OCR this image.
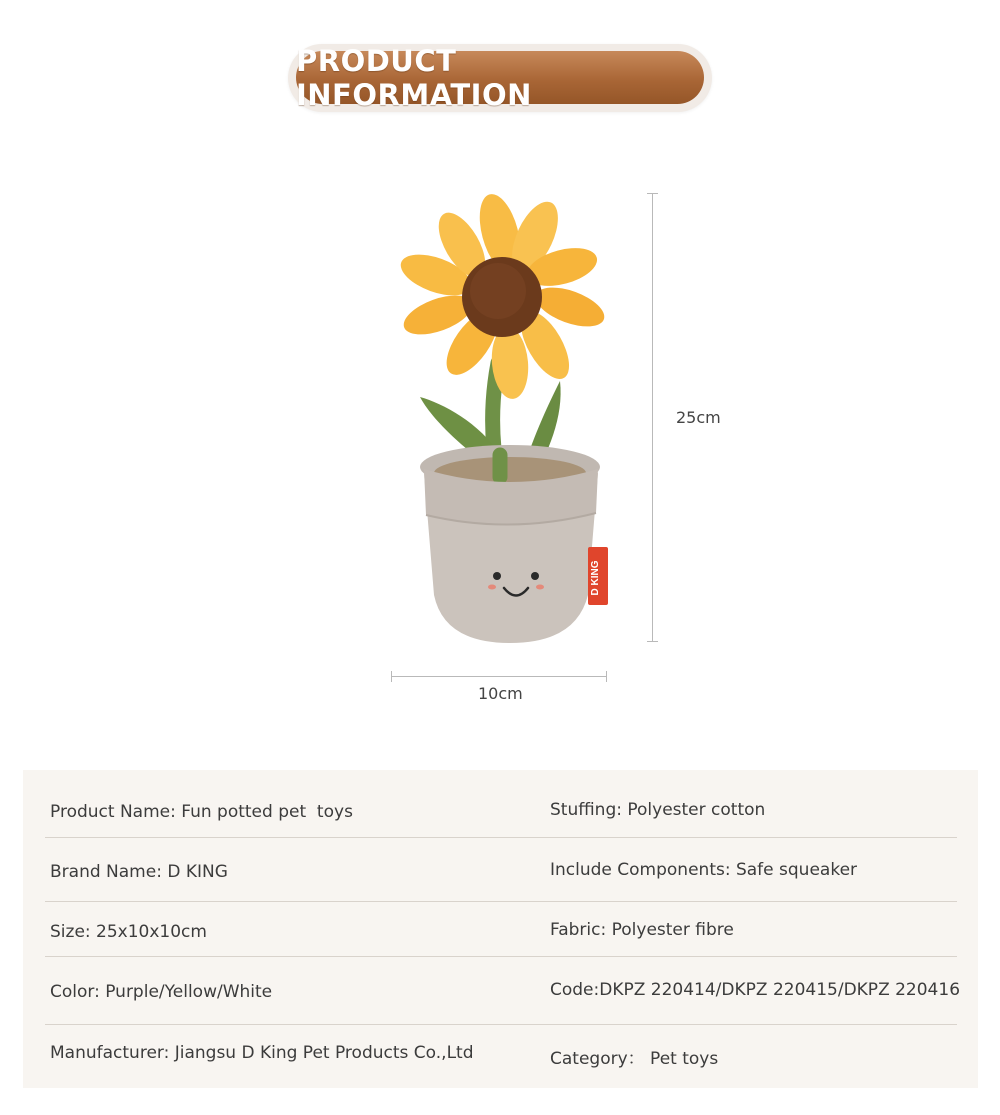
PRODUCT INFORMATION
D KING
25cm
10cm
Product Name: Fun potted pet  toys	Stuffing: Polyester cotton
Brand Name: D KING	Include Components: Safe squeaker
Size: 25x10x10cm	Fabric: Polyester fibre
Color: Purple/Yellow/White	Code:DKPZ 220414/DKPZ 220415/DKPZ 220416
Manufacturer: Jiangsu D King Pet Products Co.,Ltd	Category： Pet toys
